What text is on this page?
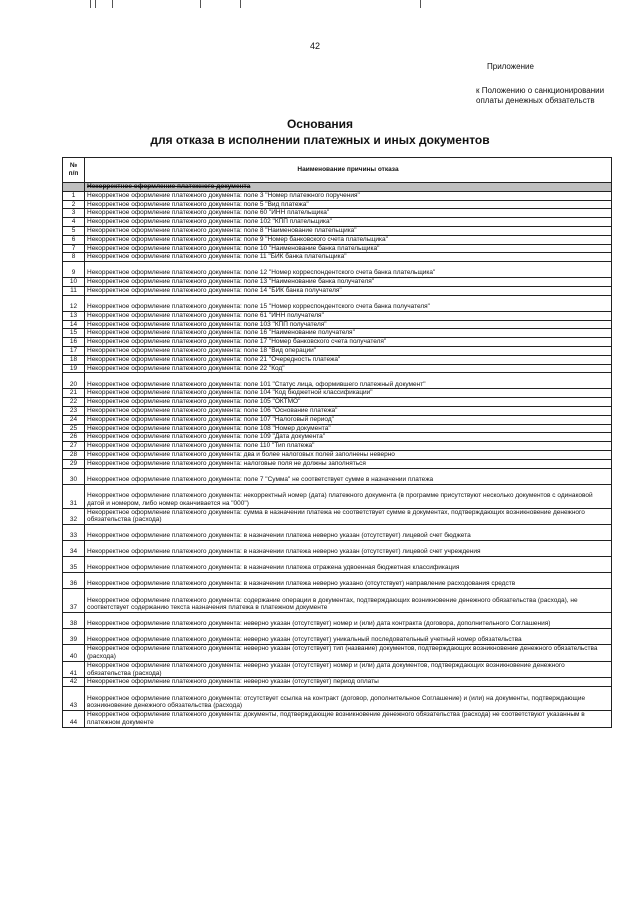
42
Приложение
к Положению о санкционировании
оплаты денежных обязательств
Основания
для отказа в исполнении платежных и иных документов
№
п/п	Наименование причины отказа
	Некорректное оформление платежного документа
1	Некорректное оформление платежного документа: поле 3 "Номер платежного поручения"
2	Некорректное оформление платежного документа: поле 5 "Вид платежа"
3	Некорректное оформление платежного документа: поле 60 "ИНН плательщика"
4	Некорректное оформление платежного документа: поле 102 "КПП плательщика"
5	Некорректное оформление платежного документа: поле 8 "Наименование плательщика"
6	Некорректное оформление платежного документа: поле 9 "Номер банковского счета плательщика"
7	Некорректное оформление платежного документа: поле 10 "Наименование банка плательщика"
8	Некорректное оформление платежного документа: поле 11 "БИК банка плательщика"
9	Некорректное оформление платежного документа: поле 12 "Номер корреспондентского счета банка плательщика"
10	Некорректное оформление платежного документа: поле 13 "Наименование банка получателя"
11	Некорректное оформление платежного документа: поле 14 "БИК банка получателя"
12	Некорректное оформление платежного документа: поле 15 "Номер корреспондентского счета банка получателя"
13	Некорректное оформление платежного документа: поле 61 "ИНН получателя"
14	Некорректное оформление платежного документа: поле 103 "КПП получателя"
15	Некорректное оформление платежного документа: поле 16 "Наименование получателя"
16	Некорректное оформление платежного документа: поле 17 "Номер банковского счета получателя"
17	Некорректное оформление платежного документа: поле 18 "Вид операции"
18	Некорректное оформление платежного документа: поле 21 "Очередность платежа"
19	Некорректное оформление платежного документа: поле 22 "Код"
20	Некорректное оформление платежного документа: поле 101 "Статус лица, оформившего платежный документ"
21	Некорректное оформление платежного документа: поле 104 "Код бюджетной классификации"
22	Некорректное оформление платежного документа: поле 105 "ОКТМО"
23	Некорректное оформление платежного документа: поле 106 "Основание платежа"
24	Некорректное оформление платежного документа: поле 107 "Налоговый период"
25	Некорректное оформление платежного документа: поле 108 "Номер документа"
26	Некорректное оформление платежного документа: поле 109 "Дата документа"
27	Некорректное оформление платежного документа: поле 110 "Тип платежа"
28	Некорректное оформление платежного документа: два и более налоговых полей заполнены неверно
29	Некорректное оформление платежного документа: налоговые поля не должны заполняться
30	Некорректное оформление платежного документа: поле 7 "Сумма" не соответствует сумме в назначении платежа
31	Некорректное оформление платежного документа: некорректный номер (дата) платежного документа (в программе присутствуют несколько документов с одинаковой датой и номером, либо номер оканчивается на "000")
32	Некорректное оформление платежного документа: сумма в назначении платежа не соответствует сумме в документах, подтверждающих возникновение денежного обязательства (расхода)
33	Некорректное оформление платежного документа: в назначении платежа неверно указан (отсутствует) лицевой счет бюджета
34	Некорректное оформление платежного документа: в назначении платежа неверно указан (отсутствует) лицевой счет учреждения
35	Некорректное оформление платежного документа: в назначении платежа отражена удвоенная бюджетная классификация
36	Некорректное оформление платежного документа: в назначении платежа неверно указано (отсутствует) направление расходования средств
37	Некорректное оформление платежного документа: содержание операции в документах, подтверждающих возникновение денежного обязательства (расхода), не соответствует содержанию текста назначения платежа в платежном документе
38	Некорректное оформление платежного документа: неверно указан (отсутствует) номер и (или) дата контракта (договора, дополнительного Соглашения)
39	Некорректное оформление платежного документа: неверно указан (отсутствует) уникальный последовательный учетный номер обязательства
40	Некорректное оформление платежного документа: неверно указан (отсутствует) тип (название) документов, подтверждающих возникновение денежного обязательства (расхода)
41	Некорректное оформление платежного документа: неверно указан (отсутствует) номер и (или) дата документов, подтверждающих возникновение денежного обязательства (расхода)
42	Некорректное оформление платежного документа: неверно указан (отсутствует) период оплаты
43	Некорректное оформление платежного документа: отсутствует ссылка на контракт (договор, дополнительное Соглашение) и (или) на документы, подтверждающие возникновение денежного обязательства (расхода)
44	Некорректное оформление платежного документа: документы, подтверждающие возникновение денежного обязательства (расхода) не соответствуют указанным в платежном документе
